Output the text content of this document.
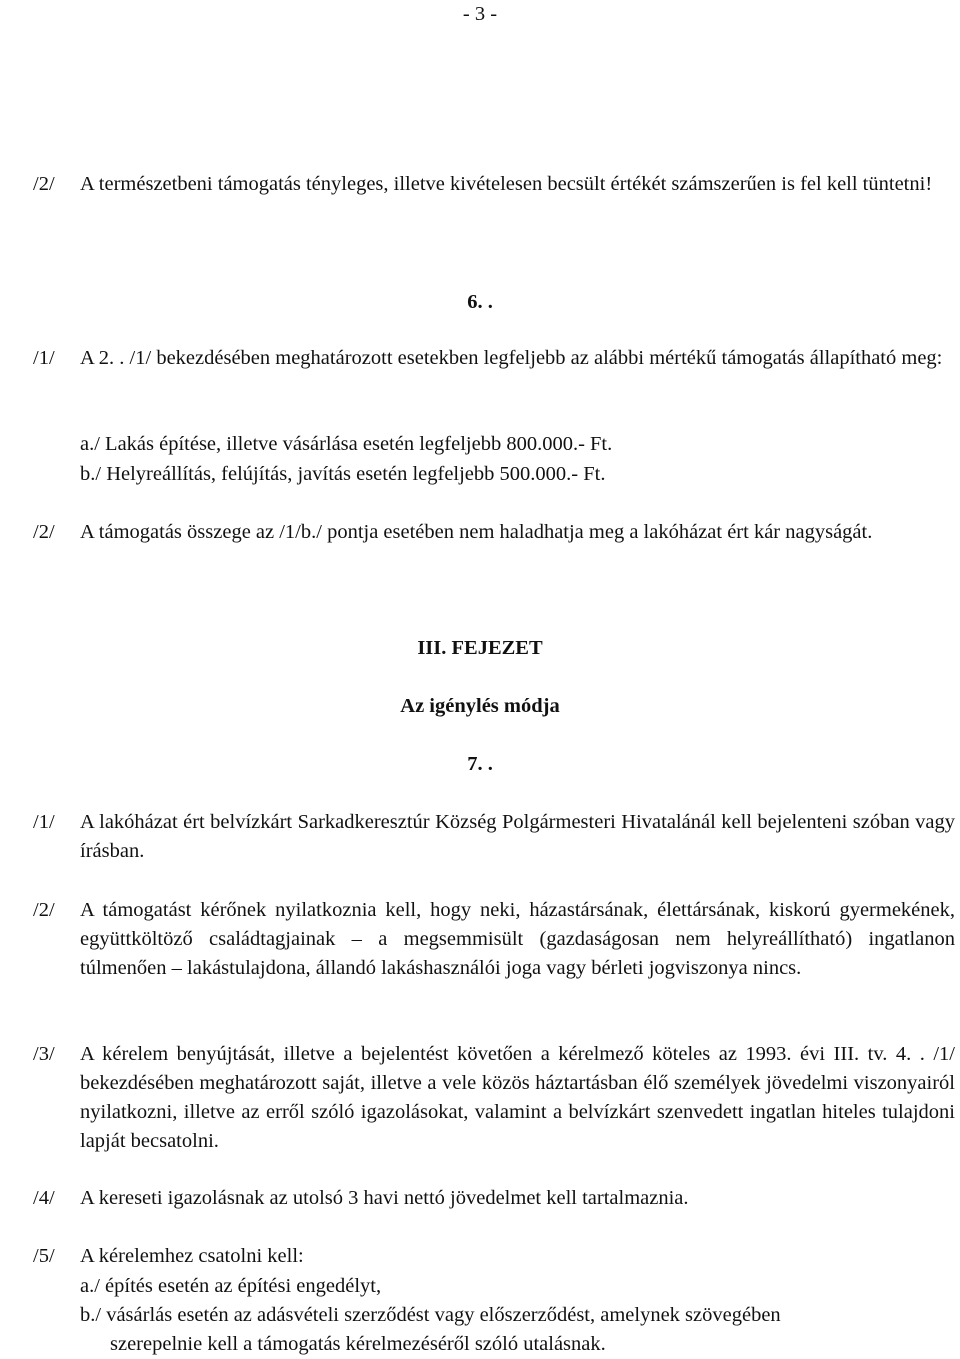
- 3 -
/2/	A természetbeni támogatás tényleges, illetve kivételesen becsült értékét számszerűen is fel kell tüntetni!
6. .
/1/	A 2. . /1/ bekezdésében meghatározott esetekben legfeljebb az alábbi mértékű támogatás állapítható meg:
a./ Lakás építése, illetve vásárlása esetén legfeljebb 800.000.- Ft.
b./ Helyreállítás, felújítás, javítás esetén legfeljebb 500.000.- Ft.
/2/	A támogatás összege az /1/b./ pontja esetében nem haladhatja meg a lakóházat ért kár nagyságát.
III. FEJEZET
Az igénylés módja
7. .
/1/	A lakóházat ért belvízkárt Sarkadkeresztúr Község Polgármesteri Hivatalánál kell bejelenteni szóban vagy írásban.
/2/	A támogatást kérőnek nyilatkoznia kell, hogy neki, házastársának, élettársának, kiskorú gyermekének, együttköltöző családtagjainak – a megsemmisült (gazdaságosan nem helyreállítható) ingatlanon túlmenően – lakástulajdona, állandó lakáshasználói joga vagy bérleti jogviszonya nincs.
/3/	A kérelem benyújtását, illetve a bejelentést követően a kérelmező köteles az 1993. évi III. tv. 4. . /1/ bekezdésében meghatározott saját, illetve a vele közös háztartásban élő személyek jövedelmi viszonyairól nyilatkozni, illetve az erről szóló igazolásokat, valamint a belvízkárt szenvedett ingatlan hiteles tulajdoni lapját becsatolni.
/4/	A kereseti igazolásnak az utolsó 3 havi nettó jövedelmet kell tartalmaznia.
/5/	A kérelemhez csatolni kell:
a./ építés esetén az építési engedélyt,
b./ vásárlás esetén az adásvételi szerződést vagy előszerződést, amelynek szövegében
szerepelnie kell a támogatás kérelmezéséről szóló utalásnak.
